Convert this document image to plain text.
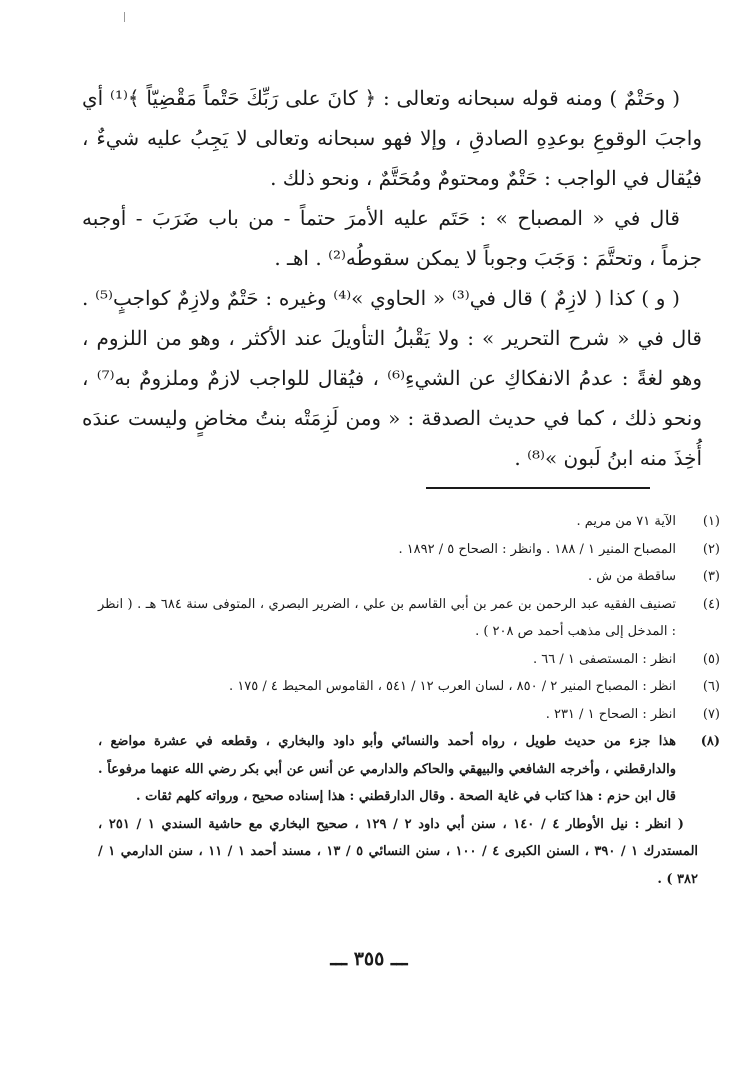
( وحَتْمٌ ) ومنه قوله سبحانه وتعالى : ﴿ كانَ على رَبِّكَ حَتْماً مَقْضِيّاً ﴾⁽¹⁾ أي واجبَ الوقوعِ بوعدِهِ الصادقِ ، وإلا فهو سبحانه وتعالى لا يَجِبُ عليه شيءٌ ، فيُقال في الواجب : حَتْمٌ ومحتومٌ ومُحَتَّمٌ ، ونحو ذلك .

قال في « المصباح » : حَتَم عليه الأمرَ حتماً - من باب ضَرَبَ - أوجبه جزماً ، وتحتَّمَ : وَجَبَ وجوباً لا يمكن سقوطُه⁽²⁾ . اهـ .

( و ) كذا ( لازِمٌ ) قال في⁽³⁾ « الحاوي »⁽⁴⁾ وغيره : حَتْمٌ ولازِمٌ كواجبٍ⁽⁵⁾ . قال في « شرح التحرير » : ولا يَقْبلُ التأويلَ عند الأكثر ، وهو من اللزوم ، وهو لغةً : عدمُ الانفكاكِ عن الشيءِ⁽⁶⁾ ، فيُقال للواجب لازمٌ وملزومٌ به⁽⁷⁾ ، ونحو ذلك ، كما في حديث الصدقة : « ومن لَزِمَتْه بنتُ مخاضٍ وليست عندَه أُخِذَ منه ابنُ لَبون »⁽⁸⁾ .

(١)الآية ٧١ من مريم .

(٢)المصباح المنير ١ / ١٨٨ . وانظر : الصحاح ٥ / ١٨٩٢ .

(٣)ساقطة من ش .

(٤)تصنيف الفقيه عبد الرحمن بن عمر بن أبي القاسم بن علي ، الضرير البصري ، المتوفى سنة ٦٨٤ هـ . ( انظر : المدخل إلى مذهب أحمد ص ٢٠٨ ) .

(٥)انظر : المستصفى ١ / ٦٦ .

(٦)انظر : المصباح المنير ٢ / ٨٥٠ ، لسان العرب ١٢ / ٥٤١ ، القاموس المحيط ٤ / ١٧٥ .

(٧)انظر : الصحاح ١ / ٢٣١ .

(٨)هذا جزء من حديث طويل ، رواه أحمد والنسائي وأبو داود والبخاري ، وقطعه في عشرة مواضع ، والدارقطني ، وأخرجه الشافعي والبيهقي والحاكم والدارمي عن أنس عن أبي بكر رضي الله عنهما مرفوعاً . قال ابن حزم : هذا كتاب في غاية الصحة . وقال الدارقطني : هذا إسناده صحيح ، ورواته كلهم ثقات .

( انظر : نيل الأوطار ٤ / ١٤٠ ، سنن أبي داود ٢ / ١٢٩ ، صحيح البخاري مع حاشية السندي ١ / ٢٥١ ، المستدرك ١ / ٣٩٠ ، السنن الكبرى ٤ / ١٠٠ ، سنن النسائي ٥ / ١٣ ، مسند أحمد ١ / ١١ ، سنن الدارمي ١ / ٣٨٢ ) .

ـــ ٣٥٥ ـــ
